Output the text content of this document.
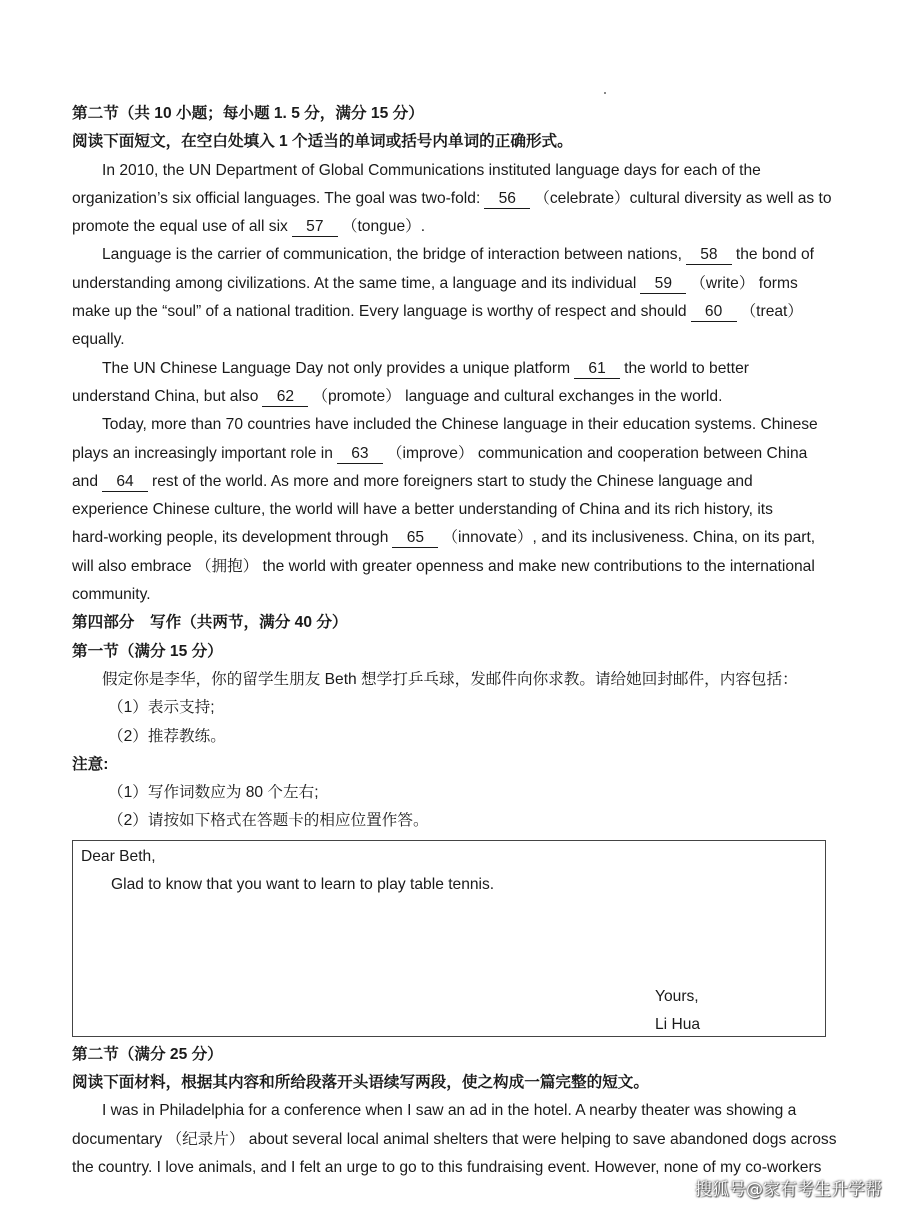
第二节（共 10 小题；每小题 1. 5 分，满分 15 分）
阅读下面短文，在空白处填入 1 个适当的单词或括号内单词的正确形式。
In 2010, the UN Department of Global Communications instituted language days for each of the
organization’s six official languages. The goal was two-fold: 56 （celebrate）cultural diversity as well as to
promote the equal use of all six 57 （tongue）.
Language is the carrier of communication, the bridge of interaction between nations, 58 the bond of
understanding among civilizations. At the same time, a language and its individual 59 （write） forms
make up the “soul” of a national tradition. Every language is worthy of respect and should 60 （treat）
equally.
The UN Chinese Language Day not only provides a unique platform 61 the world to better
understand China, but also 62 （promote） language and cultural exchanges in the world.
Today, more than 70 countries have included the Chinese language in their education systems. Chinese
plays an increasingly important role in 63 （improve） communication and cooperation between China
and 64 rest of the world. As more and more foreigners start to study the Chinese language and
experience Chinese culture, the world will have a better understanding of China and its rich history, its
hard-working people, its development through 65 （innovate）, and its inclusiveness. China, on its part,
will also embrace （拥抱） the world with greater openness and make new contributions to the international
community.
第四部分　写作（共两节，满分 40 分）
第一节（满分 15 分）
假定你是李华，你的留学生朋友 Beth 想学打乒乓球，发邮件向你求教。请给她回封邮件，内容包括：
（1）表示支持;
（2）推荐教练。
注意:
（1）写作词数应为 80 个左右;
（2）请按如下格式在答题卡的相应位置作答。
Dear Beth,
Glad to know that you want to learn to play table tennis.
Yours,
Li Hua
第二节（满分 25 分）
阅读下面材料，根据其内容和所给段落开头语续写两段，使之构成一篇完整的短文。
I was in Philadelphia for a conference when I saw an ad in the hotel. A nearby theater was showing a
documentary （纪录片） about several local animal shelters that were helping to save abandoned dogs across
the country. I love animals, and I felt an urge to go to this fundraising event. However, none of my co-workers
搜狐号@家有考生升学帮
